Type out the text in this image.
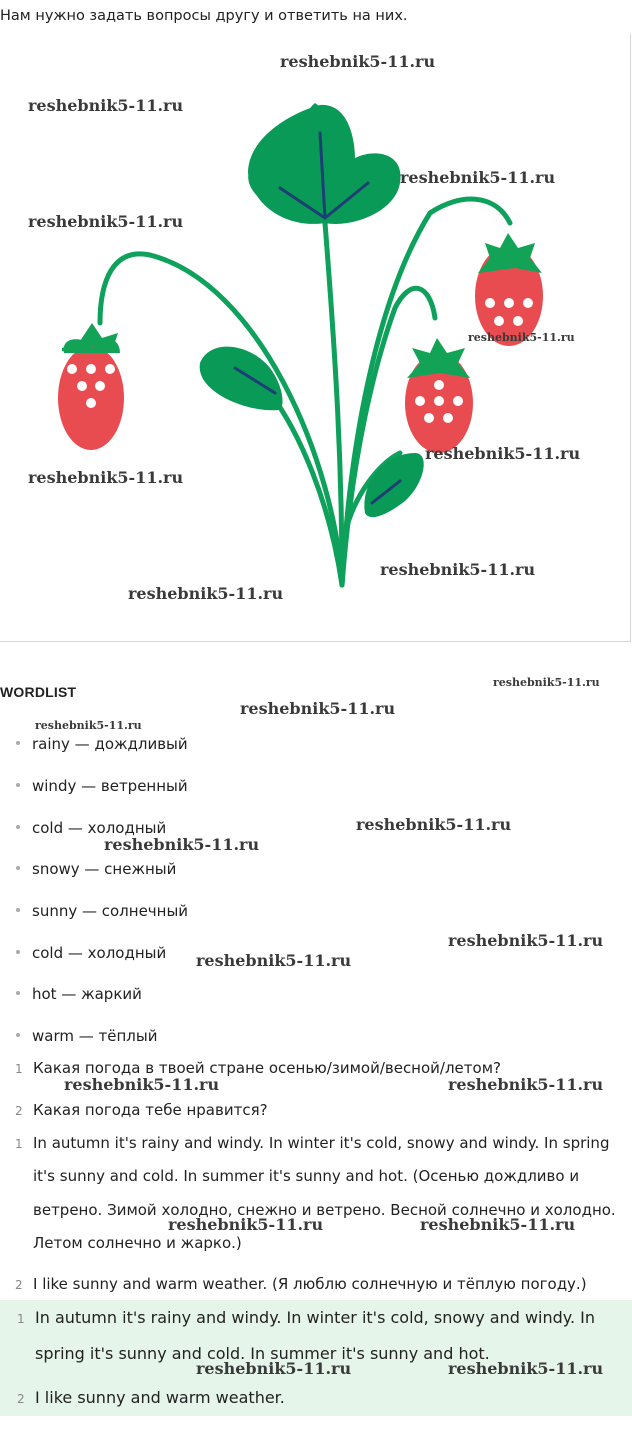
Нам нужно задать вопросы другу и ответить на них.
reshebnik5-11.ru
reshebnik5-11.ru
reshebnik5-11.ru
reshebnik5-11.ru
reshebnik5-11.ru
reshebnik5-11.ru
reshebnik5-11.ru
reshebnik5-11.ru
reshebnik5-11.ru
reshebnik5-11.ru
WORDLIST
reshebnik5-11.ru
reshebnik5-11.ru
rainy — дождливый
windy — ветренный
cold — холодный	reshebnik5-11.ru
reshebnik5-11.ru
snowy — снежный
sunny — солнечный
reshebnik5-11.ru
cold — холодный reshebnik5-11.ru
hot — жаркий
warm — тёплый
1 Какая погода в твоей стране осенью/зимой/весной/летом?
reshebnik5-11.ru	reshebnik5-11.ru
2 Какая погода тебе нравится?
1 In autumn it's rainy and windy. In winter it's cold, snowy and windy. In spring
it's sunny and cold. In summer it's sunny and hot. (Осенью дождливо и
ветрено. Зимой холодно, снежно и ветрено. Весной солнечно и холодно.
reshebnik5-11.ru	reshebnik5-11.ru
Летом солнечно и жарко.)
2 I like sunny and warm weather. (Я люблю солнечную и тёплую погоду.)
1 In autumn it's rainy and windy. In winter it's cold, snowy and windy. In
spring it's sunny and cold. In summer it's sunny and hot.
2 I like sunny and warm weather.
reshebnik5-11.ru	reshebnik5-11.ru
